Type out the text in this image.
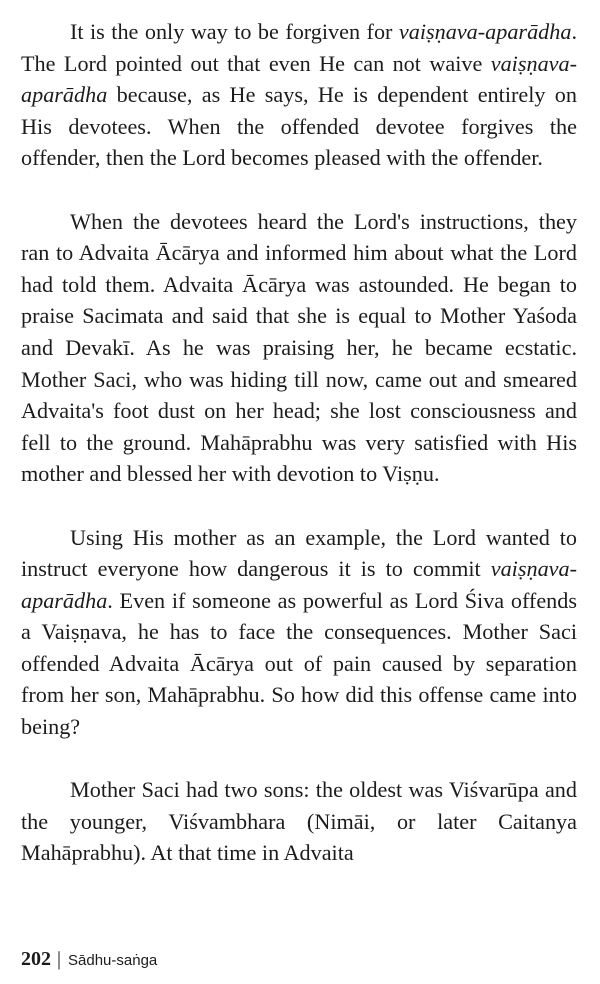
It is the only way to be forgiven for vaiṣṇava-aparādha. The Lord pointed out that even He can not waive vaiṣṇava-aparādha because, as He says, He is dependent entirely on His devotees. When the offended devotee forgives the offender, then the Lord becomes pleased with the offender.

When the devotees heard the Lord's instructions, they ran to Advaita Ācārya and informed him about what the Lord had told them. Advaita Ācārya was astounded. He began to praise Sacimata and said that she is equal to Mother Yaśoda and Devakī. As he was praising her, he became ecstatic. Mother Saci, who was hiding till now, came out and smeared Advaita's foot dust on her head; she lost consciousness and fell to the ground. Mahāprabhu was very satisfied with His mother and blessed her with devotion to Viṣṇu.

Using His mother as an example, the Lord wanted to instruct everyone how dangerous it is to commit vaiṣṇava-aparādha. Even if someone as powerful as Lord Śiva offends a Vaiṣṇava, he has to face the consequences. Mother Saci offended Advaita Ācārya out of pain caused by separation from her son, Mahāprabhu. So how did this offense came into being?

Mother Saci had two sons: the oldest was Viśvarūpa and the younger, Viśvambhara (Nimāi, or later Caitanya Mahāprabhu). At that time in Advaita

202 | Sādhu-saṅga
